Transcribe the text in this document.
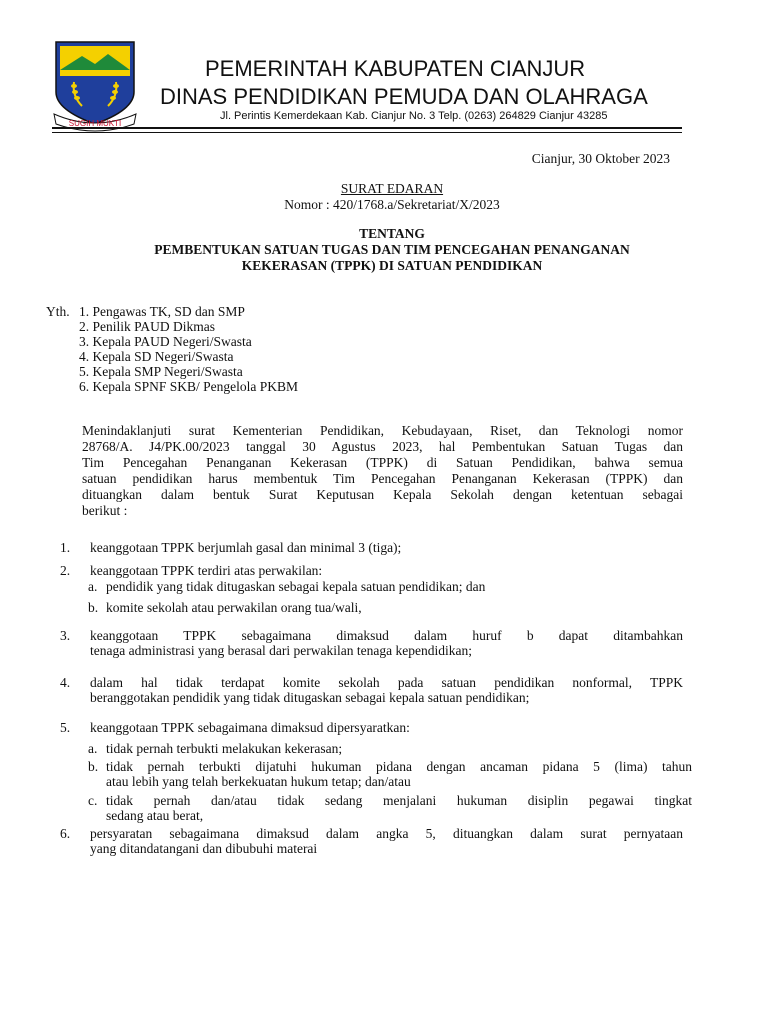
SUGIH MUKTI
PEMERINTAH KABUPATEN CIANJUR
DINAS PENDIDIKAN PEMUDA DAN OLAHRAGA
Jl. Perintis Kemerdekaan Kab. Cianjur No. 3 Telp. (0263) 264829 Cianjur 43285
Cianjur, 30 Oktober 2023
SURAT EDARAN
Nomor : 420/1768.a/Sekretariat/X/2023
TENTANG
PEMBENTUKAN SATUAN TUGAS DAN TIM PENCEGAHAN PENANGANAN
KEKERASAN (TPPK) DI SATUAN PENDIDIKAN
Yth. 1. Pengawas TK, SD dan SMP
2. Penilik PAUD Dikmas
3. Kepala PAUD Negeri/Swasta
4. Kepala SD Negeri/Swasta
5. Kepala SMP Negeri/Swasta
6. Kepala SPNF SKB/ Pengelola PKBM
Menindaklanjuti surat Kementerian Pendidikan, Kebudayaan, Riset, dan Teknologi nomor
28768/A. J4/PK.00/2023 tanggal 30 Agustus 2023, hal Pembentukan Satuan Tugas dan
Tim Pencegahan Penanganan Kekerasan (TPPK) di Satuan Pendidikan, bahwa semua
satuan pendidikan harus membentuk Tim Pencegahan Penanganan Kekerasan (TPPK) dan
dituangkan dalam bentuk Surat Keputusan Kepala Sekolah dengan ketentuan sebagai
berikut :
1.	keanggotaan TPPK berjumlah gasal dan minimal 3 (tiga);
2.	keanggotaan TPPK terdiri atas perwakilan:
a. pendidik yang tidak ditugaskan sebagai kepala satuan pendidikan; dan
b. komite sekolah atau perwakilan orang tua/wali,
3.	keanggotaan TPPK sebagaimana dimaksud dalam huruf b dapat ditambahkan
tenaga administrasi yang berasal dari perwakilan tenaga kependidikan;
4.	dalam hal tidak terdapat komite sekolah pada satuan pendidikan nonformal, TPPK
beranggotakan pendidik yang tidak ditugaskan sebagai kepala satuan pendidikan;
5.	keanggotaan TPPK sebagaimana dimaksud dipersyaratkan:
a. tidak pernah terbukti melakukan kekerasan;
b. tidak pernah terbukti dijatuhi hukuman pidana dengan ancaman pidana 5 (lima) tahun
atau lebih yang telah berkekuatan hukum tetap; dan/atau
c. tidak pernah dan/atau tidak sedang menjalani hukuman disiplin pegawai tingkat
sedang atau berat,
6.	persyaratan sebagaimana dimaksud dalam angka 5, dituangkan dalam surat pernyataan
yang ditandatangani dan dibubuhi materai
